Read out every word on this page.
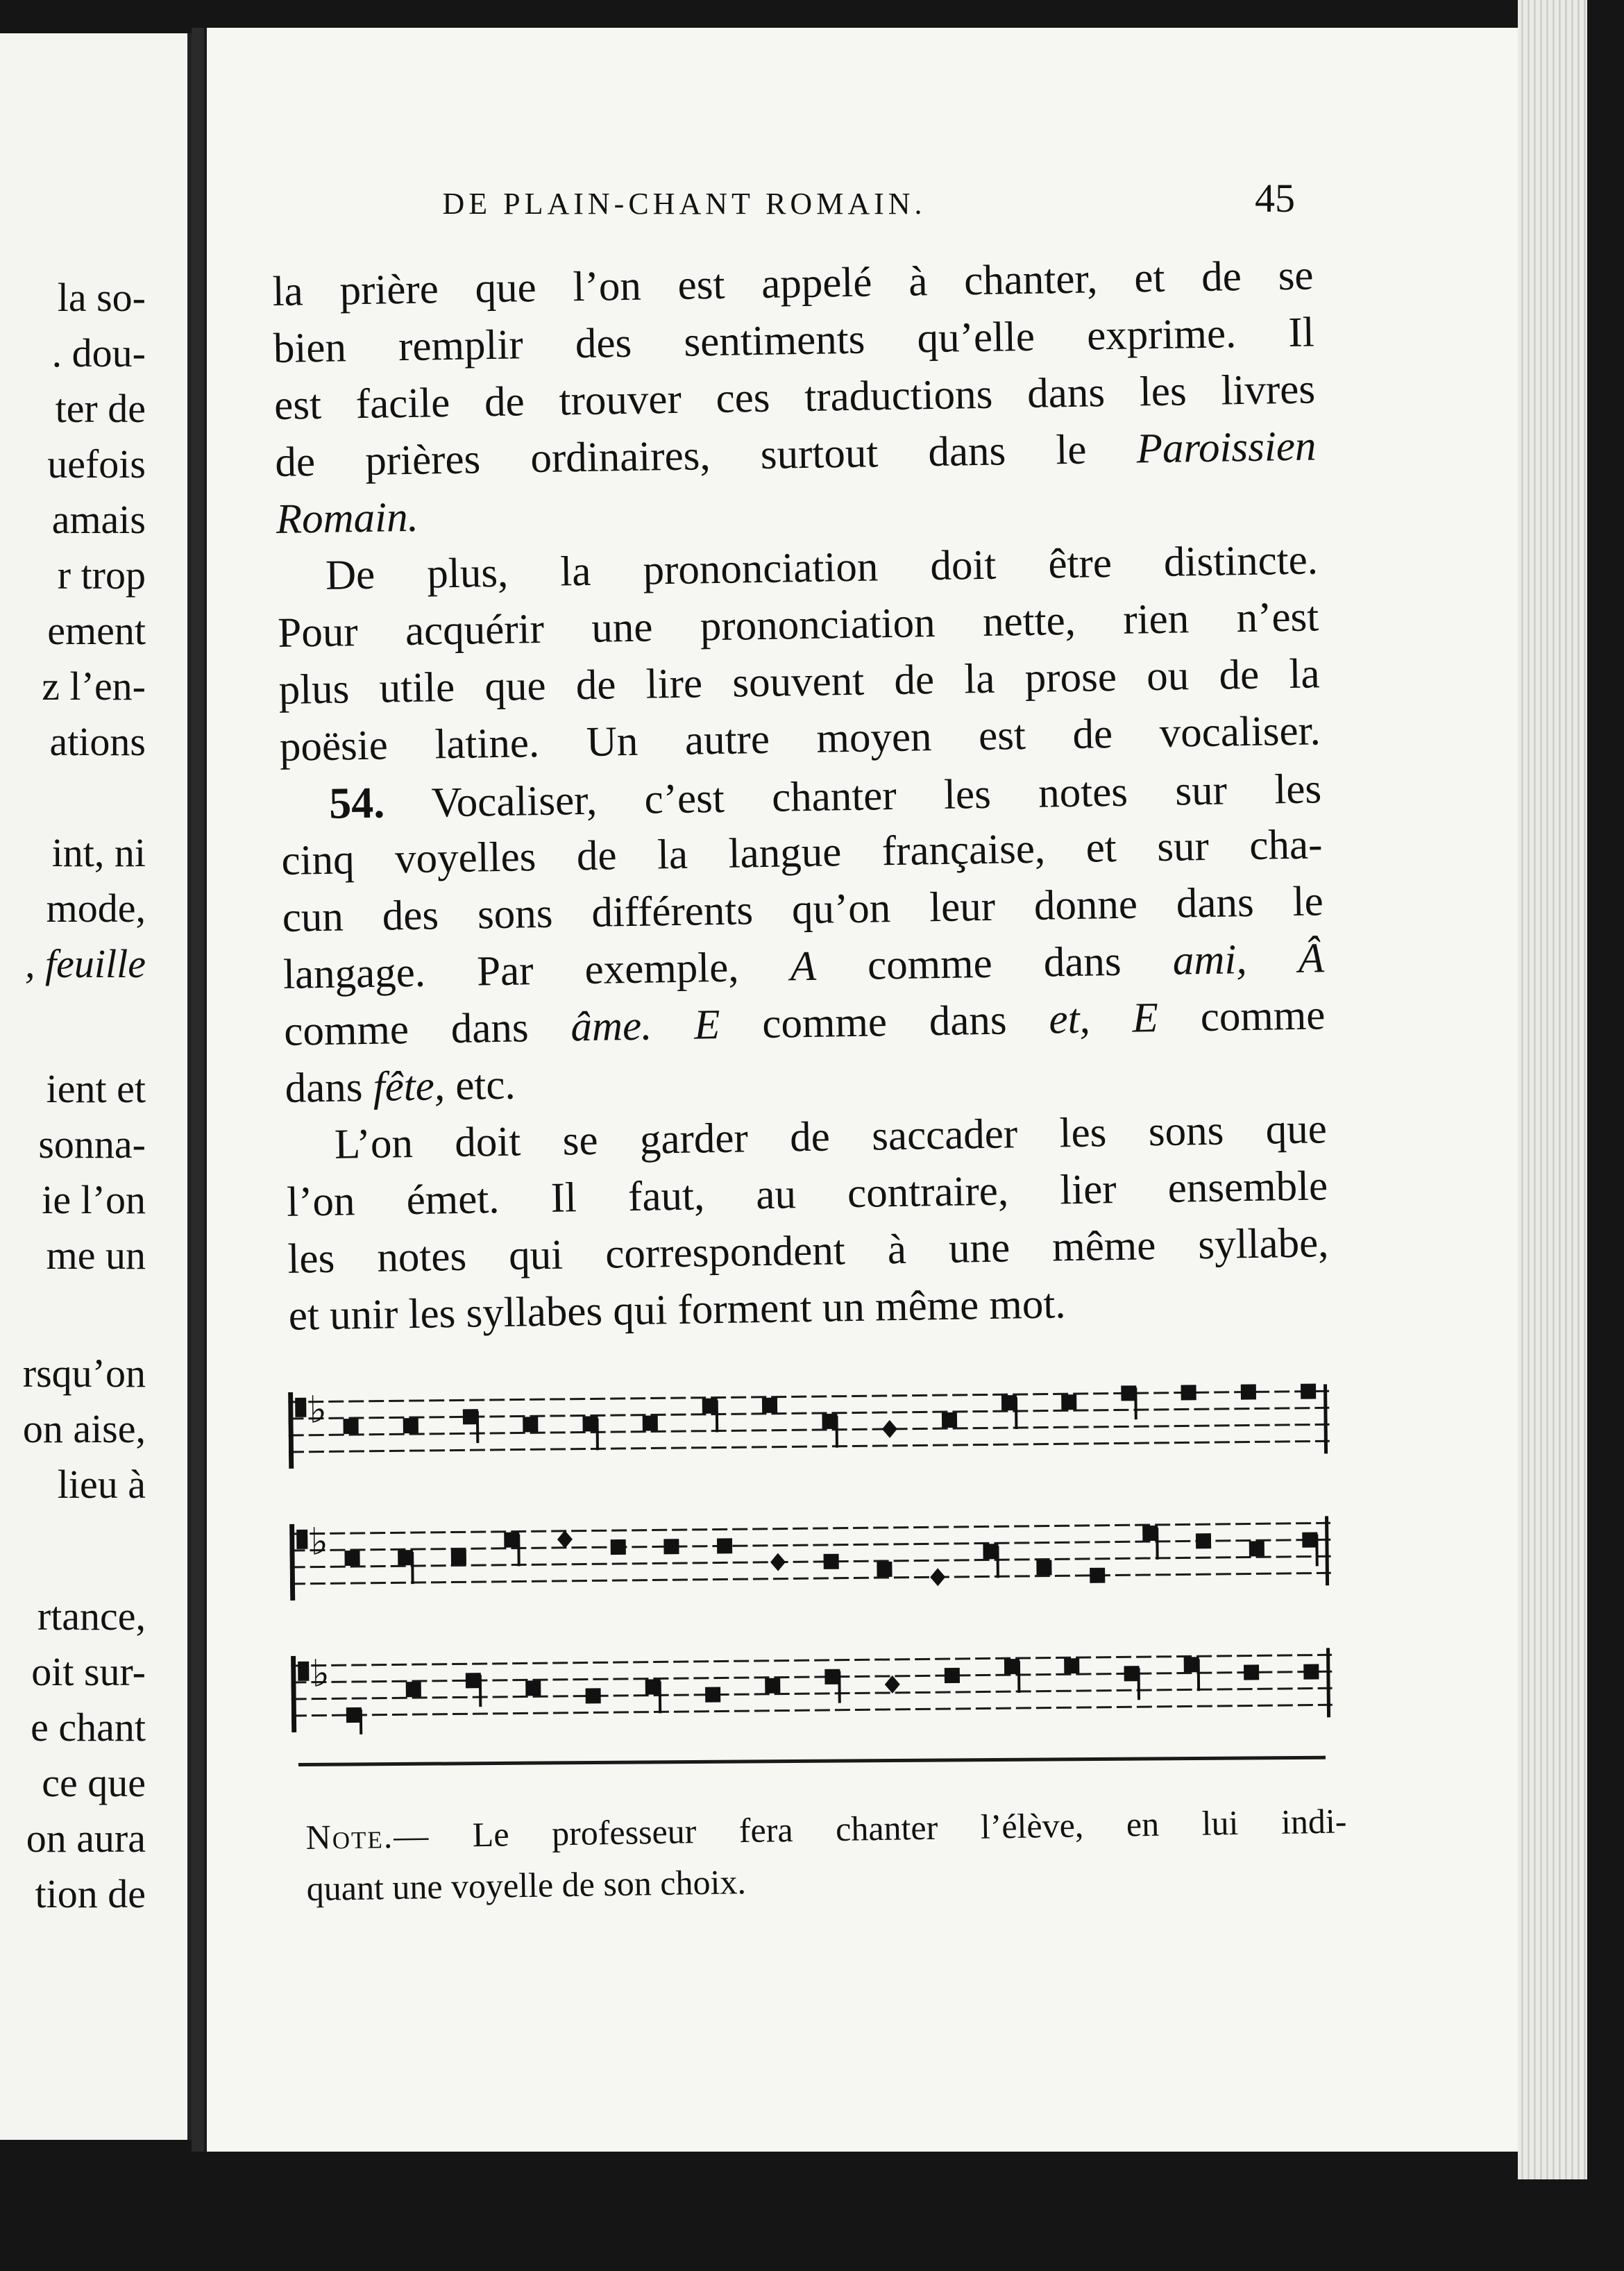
la so-
. dou-
ter de
uefois
amais
r trop
ement
z l’en-
ations
int, ni
mode,
, feuille
ient et
sonna-
ie l’on
me un
rsqu’on
on aise,
lieu à
rtance,
oit sur-
e chant
ce que
on aura
tion de
DE PLAIN-CHANT ROMAIN.	45
la prière que l’on est appelé à chanter, et de se
bien remplir des sentiments qu’elle exprime. Il
est facile de trouver ces traductions dans les livres
de prières ordinaires, surtout dans le Paroissien
Romain.
De plus, la prononciation doit être distincte.
Pour acquérir une prononciation nette, rien n’est
plus utile que de lire souvent de la prose ou de la
poësie latine. Un autre moyen est de vocaliser.
54. Vocaliser, c’est chanter les notes sur les
cinq voyelles de la langue française, et sur cha-
cun des sons différents qu’on leur donne dans le
langage. Par exemple, A comme dans ami, Â
comme dans âme. E comme dans et, E comme
dans fête, etc.
L’on doit se garder de saccader les sons que
l’on émet. Il faut, au contraire, lier ensemble
les notes qui correspondent à une même syllabe,
et unir les syllabes qui forment un même mot.
♭
♭
♭
Note.— Le professeur fera chanter l’élève, en lui indi-
quant une voyelle de son choix.
